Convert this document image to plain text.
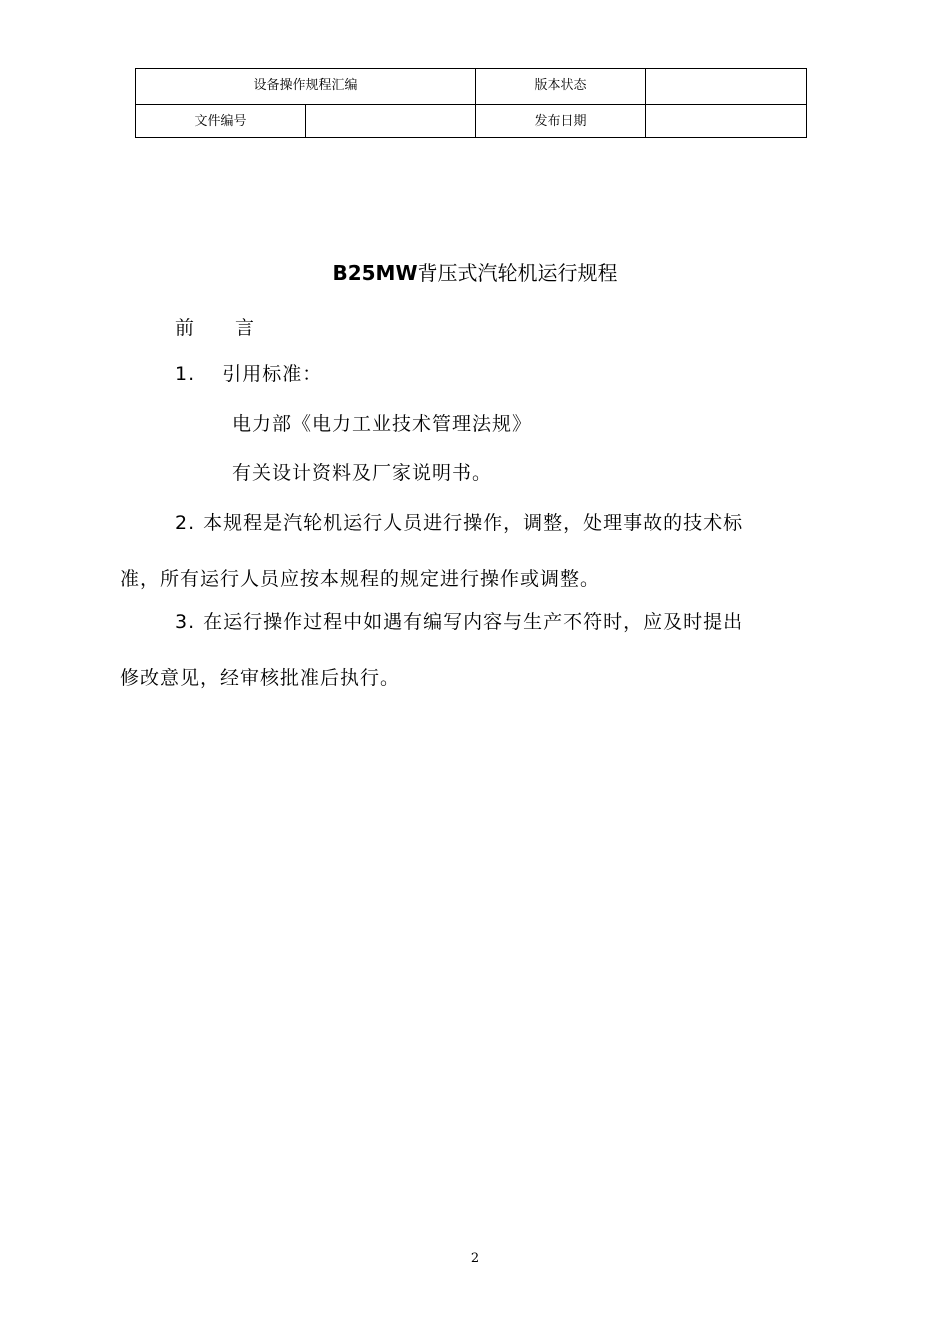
设备操作规程汇编		版本状态	

文件编号		发布日期	

B25MW背压式汽轮机运行规程
前　　言
1. 引用标准：
电力部《电力工业技术管理法规》
有关设计资料及厂家说明书。
2. 本规程是汽轮机运行人员进行操作，调整，处理事故的技术标
准，所有运行人员应按本规程的规定进行操作或调整。
3. 在运行操作过程中如遇有编写内容与生产不符时，应及时提出
修改意见，经审核批准后执行。
2
